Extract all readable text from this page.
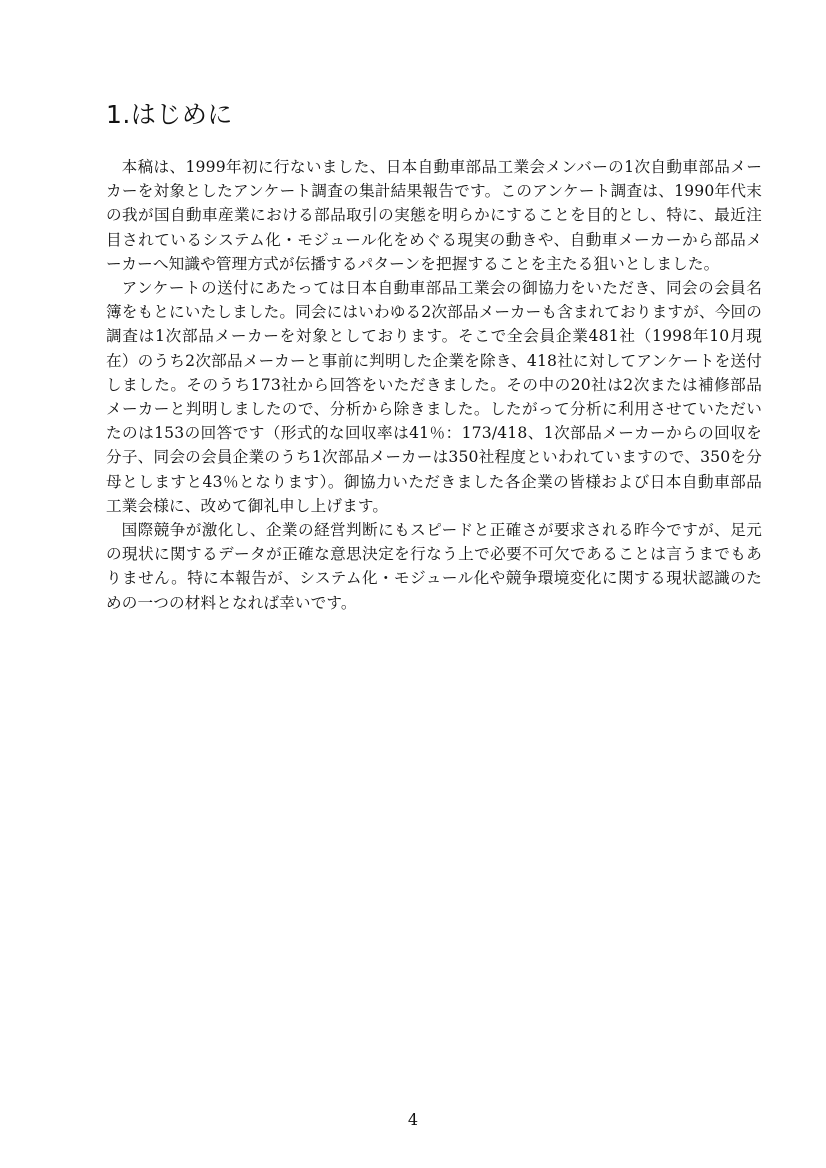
1.はじめに

本稿は、1999年初に行ないました、日本自動車部品工業会メンバーの1次自動車部品メーカーを対象としたアンケート調査の集計結果報告です。このアンケート調査は、1990年代末の我が国自動車産業における部品取引の実態を明らかにすることを目的とし、特に、最近注目されているシステム化・モジュール化をめぐる現実の動きや、自動車メーカーから部品メーカーへ知識や管理方式が伝播するパターンを把握することを主たる狙いとしました。

アンケートの送付にあたっては日本自動車部品工業会の御協力をいただき、同会の会員名簿をもとにいたしました。同会にはいわゆる2次部品メーカーも含まれておりますが、今回の調査は1次部品メーカーを対象としております。そこで全会員企業481社（1998年10月現在）のうち2次部品メーカーと事前に判明した企業を除き、418社に対してアンケートを送付しました。そのうち173社から回答をいただきました。その中の20社は2次または補修部品メーカーと判明しましたので、分析から除きました。したがって分析に利用させていただいたのは153の回答です（形式的な回収率は41％：173/418、1次部品メーカーからの回収を分子、同会の会員企業のうち1次部品メーカーは350社程度といわれていますので、350を分母としますと43％となります）。御協力いただきました各企業の皆様および日本自動車部品工業会様に、改めて御礼申し上げます。

国際競争が激化し、企業の経営判断にもスピードと正確さが要求される昨今ですが、足元の現状に関するデータが正確な意思決定を行なう上で必要不可欠であることは言うまでもありません。特に本報告が、システム化・モジュール化や競争環境変化に関する現状認識のための一つの材料となれば幸いです。

4
